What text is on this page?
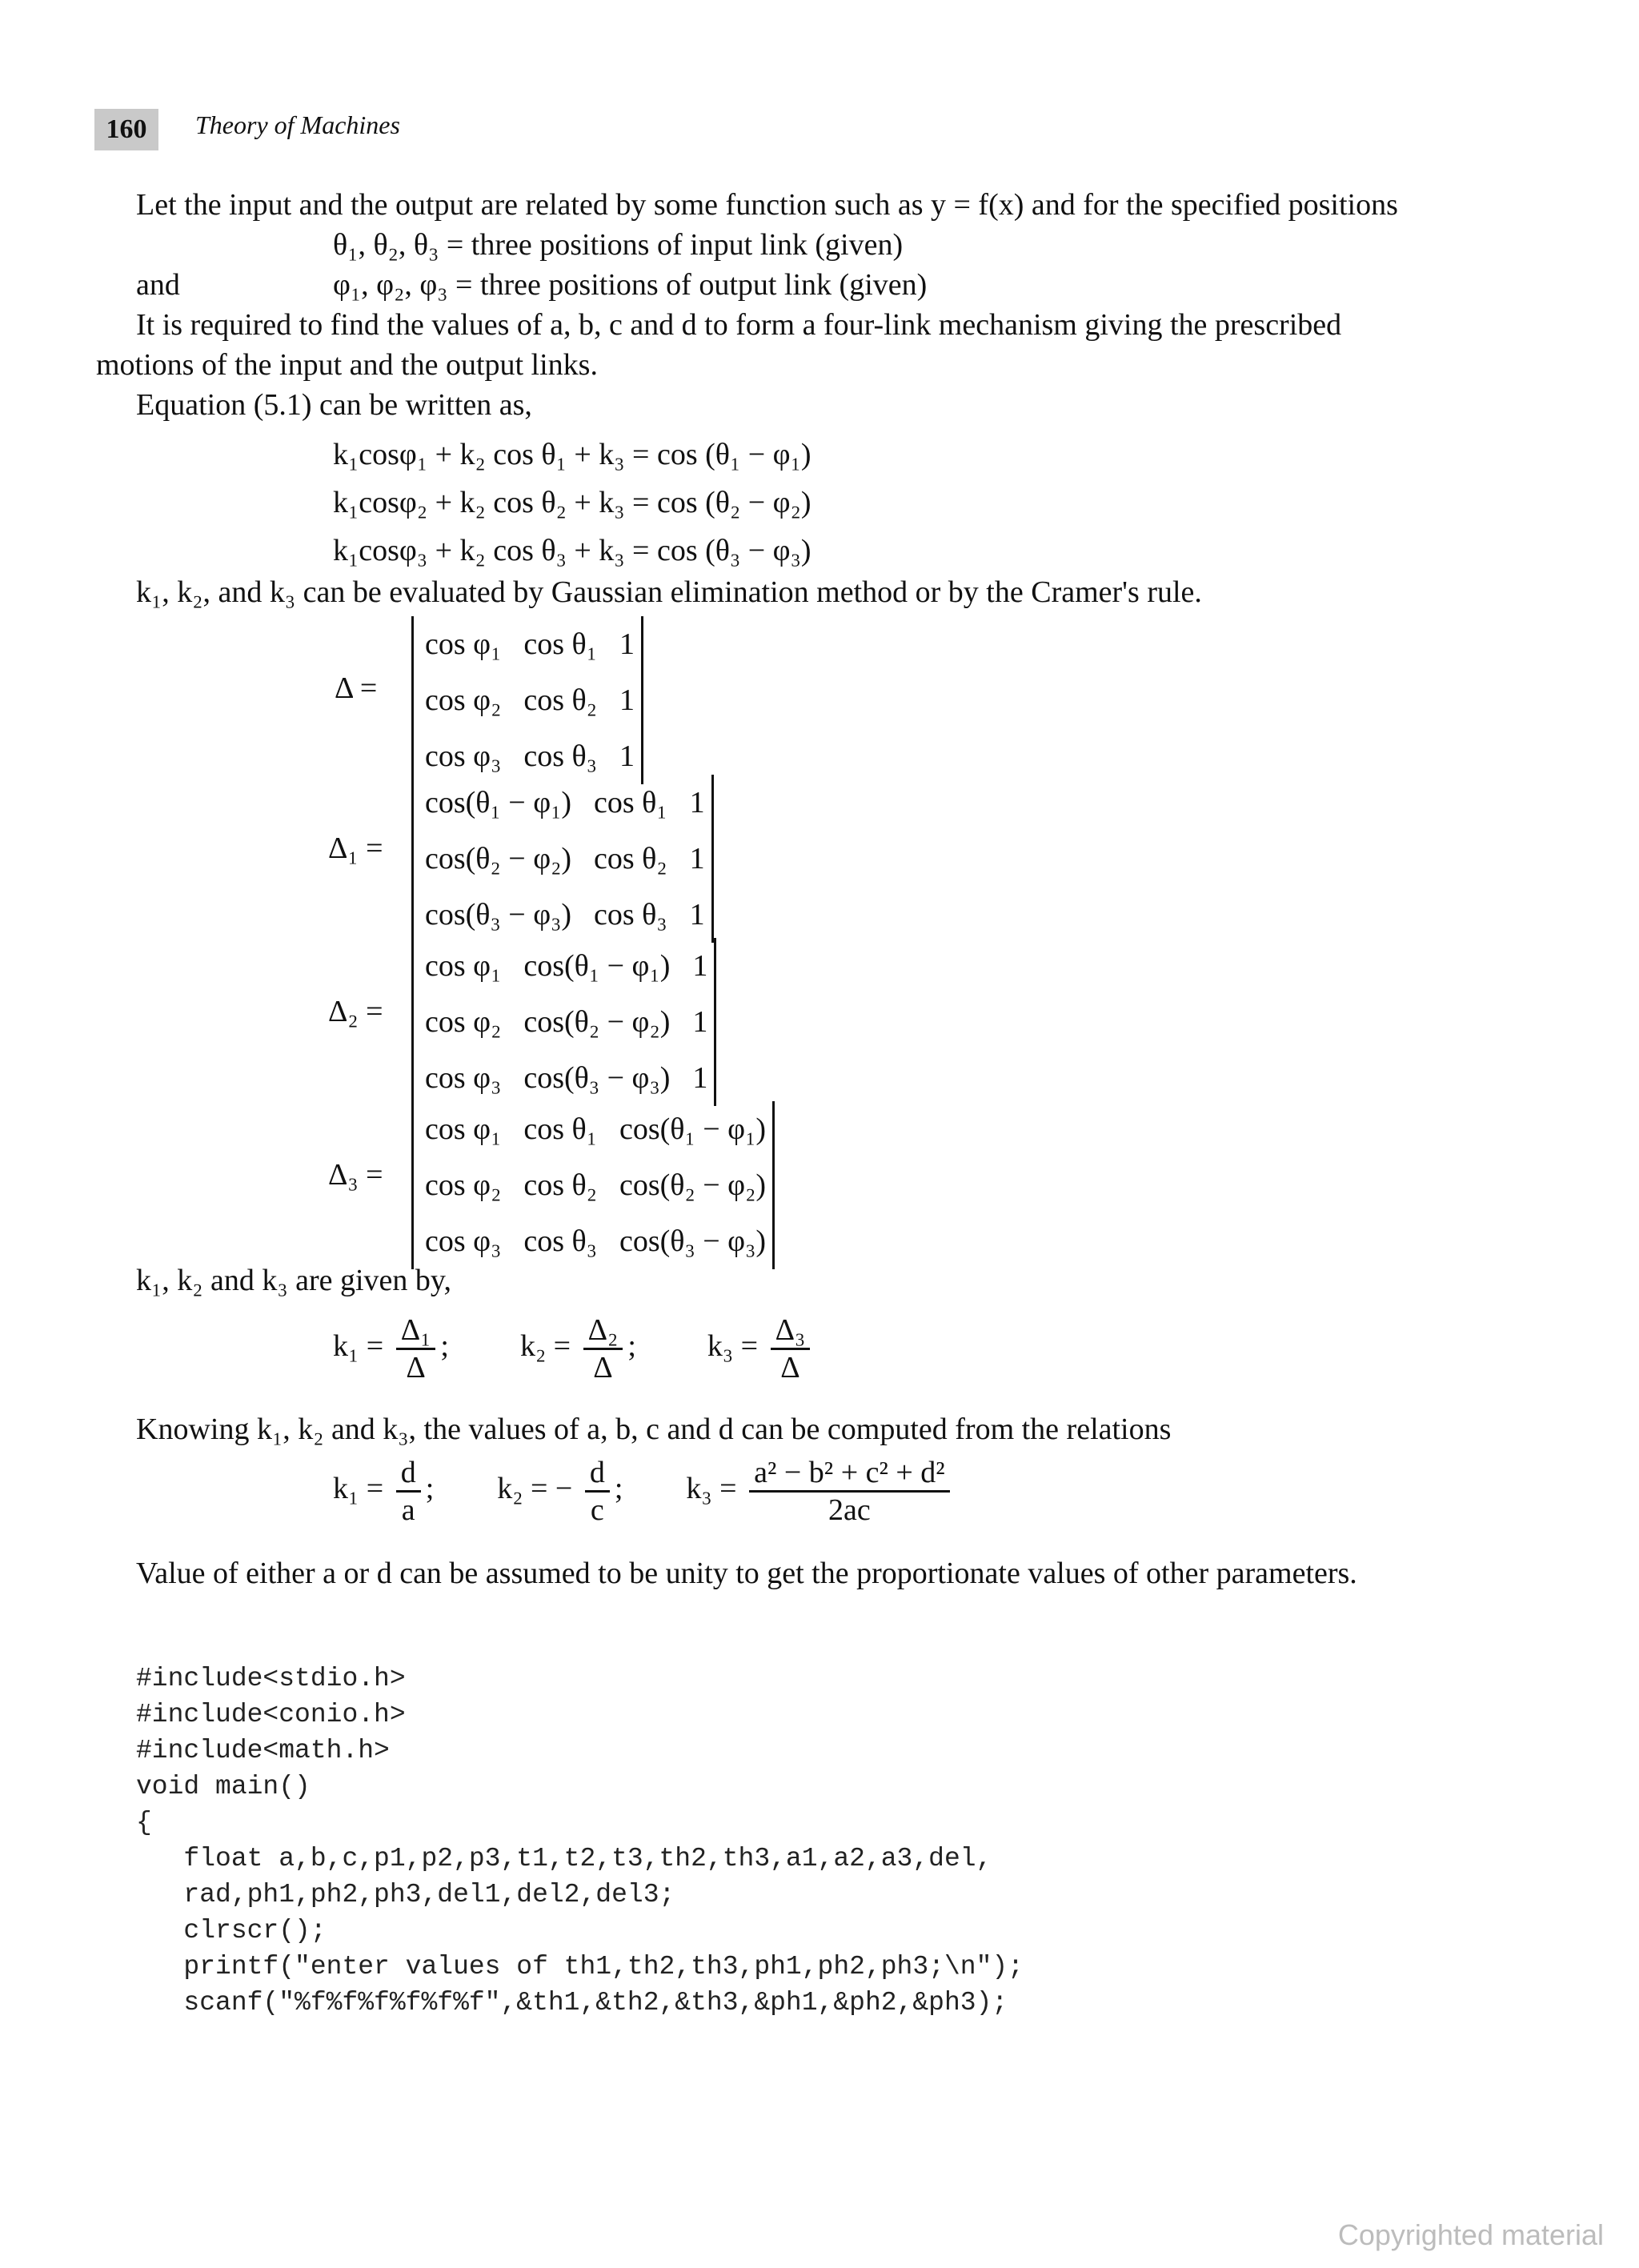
160	Theory of Machines
Let the input and the output are related by some function such as y = f(x) and for the specified positions
θ₁, θ₂, θ₃ = three positions of input link (given)
and	φ₁, φ₂, φ₃ = three positions of output link (given)
It is required to find the values of a, b, c and d to form a four-link mechanism giving the prescribed
motions of the input and the output links.
Equation (5.1) can be written as,
k₁cosφ₁ + k₂ cos θ₁ + k₃ = cos (θ₁ − φ₁)
k₁cosφ₂ + k₂ cos θ₂ + k₃ = cos (θ₂ − φ₂)
k₁cosφ₃ + k₂ cos θ₃ + k₃ = cos (θ₃ − φ₃)
k₁, k₂, and k₃ can be evaluated by Gaussian elimination method or by the Cramer's rule.
Δ =
cos φ₁	cos θ₁	1
cos φ₂	cos θ₂	1
cos φ₃	cos θ₃	1
Δ₁ =
cos(θ₁ − φ₁)	cos θ₁	1
cos(θ₂ − φ₂)	cos θ₂	1
cos(θ₃ − φ₃)	cos θ₃	1
Δ₂ =
cos φ₁	cos(θ₁ − φ₁)	1
cos φ₂	cos(θ₂ − φ₂)	1
cos φ₃	cos(θ₃ − φ₃)	1
Δ₃ =
cos φ₁	cos θ₁	cos(θ₁ − φ₁)
cos φ₂	cos θ₂	cos(θ₂ − φ₂)
cos φ₃	cos θ₃	cos(θ₃ − φ₃)
k₁, k₂ and k₃ are given by,
$k_1 = \frac{\text{Δ₁}}{\Delta}$ ; $k_2 = \frac{\text{Δ₂}}{\Delta}$ ; $k_3 = \frac{\text{Δ₃}}{\Delta}$
Knowing k₁, k₂ and k₃, the values of a, b, c and d can be computed from the relations
$k_1 = \frac{d}{a}$ ; k₂ = − $\frac{d}{c}$ ; $k_3 = \frac{\text{a² − b² + c² + d²}}{2ac}$
Value of either a or d can be assumed to be unity to get the proportionate values of other parameters.

#include<stdio.h>
#include<conio.h>
#include<math.h>
void main()
{
float a,b,c,p1,p2,p3,t1,t2,t3,th2,th3,a1,a2,a3,del,
rad,ph1,ph2,ph3,del1,del2,del3;
clrscr();
printf("enter values of th1,th2,th3,ph1,ph2,ph3;\n");
scanf("%f%f%f%f%f%f",&th1,&th2,&th3,&ph1,&ph2,&ph3);

Copyrighted material
